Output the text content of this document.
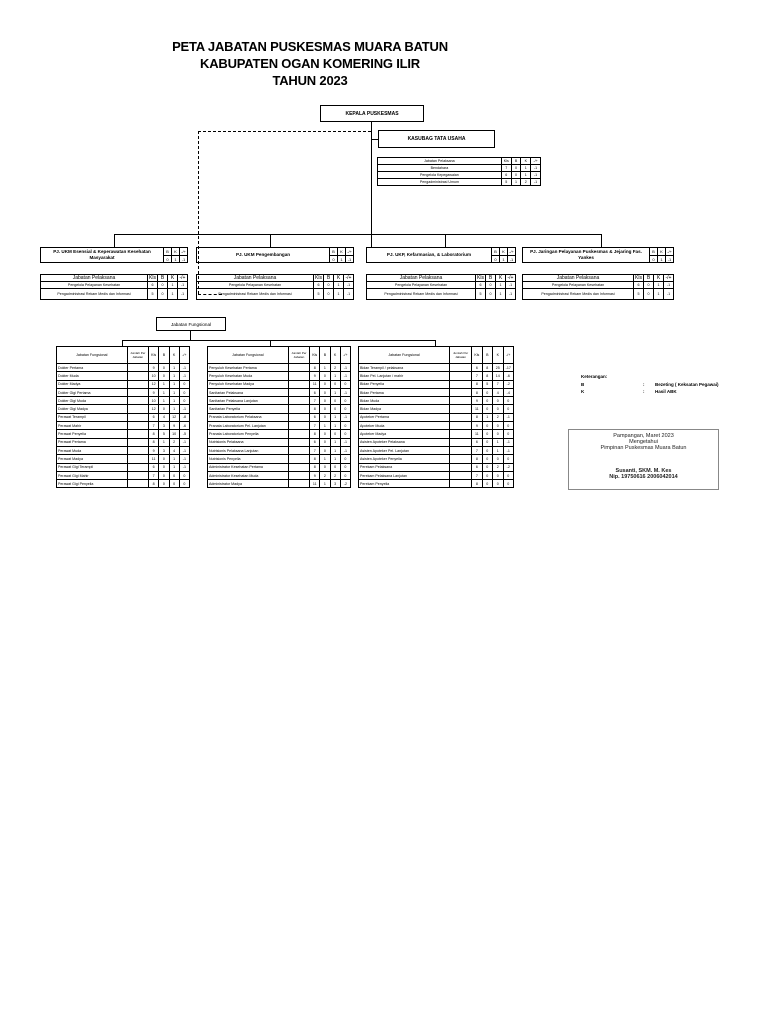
PETA JABATAN PUSKESMAS MUARA BATUN
KABUPATEN OGAN KOMERING ILIR
TAHUN 2023
KEPALA PUSKESMAS
KASUBAG TATA USAHA
Jabatan Pelaksana	Kls	B	K	-/+
Bendahara	7	0	1	-1
Pengelola Kepegawaian	6	0	1	-1
Pengadministrasi Umum	5	1	2	-1
PJ. UKM Esensial & Keperawatan Kesehatan Masyarakat
B	K	-/+
0	1	-1
Jabatan Pelaksana	Kls	B	K	-/+
Pengelola Pelayanan Kesehatan	6	0	1	-1
Pengadministrasi Rekam Medis dan Informasi	5	0	1	-1
PJ. UKM Pengembangan
B	K	-/+
0	1	-1
Jabatan Pelaksana	Kls	B	K	-/+
Pengelola Pelayanan Kesehatan	6	0	1	-1
Pengadministrasi Rekam Medis dan Informasi	5	0	1	-1
PJ. UKP, Kefarmasian, & Laboratorium
B	K	-/+
0	1	-1
Jabatan Pelaksana	Kls	B	K	-/+
Pengelola Pelayanan Kesehatan	6	0	1	-1
Pengadministrasi Rekam Medis dan Informasi	5	0	1	-1
PJ. Jaringan Pelayanan Puskesmas & Jejaring Fas. Yankes
B	K	-/+
0	1	-1
Jabatan Pelaksana	Kls	B	K	-/+
Pengelola Pelayanan Kesehatan	6	0	1	-1
Pengadministrasi Rekam Medis dan Informasi	5	0	1	-1
Jabatan Fungsional
Jabatan Fungsional	Jumlah Per Jabatan	Kls	B	K	-/+
Dokter Pertama		9	0	1	-1
Dokter Muda		10	0	1	-1
Dokter Madya		12	1	1	0
Dokter Gigi Pertama		9	1	1	0
Dokter Gigi Muda		10	1	1	0
Dokter Gigi Madya		12	0	1	-1
Perawat Terampil		6	4	12	-8
Perawat Mahir		7	3	9	-6
Perawat Penyelia		8	5	10	-5
Perawat Pertama		8	1	2	-1
Perawat Muda		9	3	4	-1
Perawat Madya		11	0	1	-1
Perawat Gigi Terampil		6	0	1	-1
Perawat Gigi Mahir		7	0	0	0
Perawat Gigi Penyelia		8	0	0	0
Jabatan Fungsional	Jumlah Per Jabatan	Kls	B	K	-/+
Penyuluh Kesehatan Pertama		8	1	2	-1
Penyuluh Kesehatan Muda		9	0	1	-1
Penyuluh Kesehatan Madya		11	0	0	0
Sanitarian Pelaksana		6	0	1	-1
Sanitarian Pelaksana Lanjutan		7	0	0	0
Sanitarian Penyelia		8	0	0	0
Pranata Laboratorium Pelaksana		6	0	1	-1
Pranata Laboratorium Pel. Lanjutan		7	1	1	0
Pranata Laboratorium Penyelia		8	0	0	0
Nutrisionis Pelaksana		6	0	1	-1
Nutrisionis Pelaksana Lanjutan		7	0	1	-1
Nutrisionis Penyelia		8	1	1	0
Administrator Kesehatan Pertama		8	0	0	0
Administrator Kesehatan Muda		9	2	2	0
Administrator Madya		11	1	3	-2
Jabatan Fungsional	Jumlah Per Jabatan	Kls	B	K	-/+
Bidan Terampil / pelaksana		6	8	25	-17
Bidan Pel. Lanjutan / mahir		7	8	14	-6
Bidan Penyelia		8	5	7	-2
Bidan Pertama		8	0	4	-4
Bidan Muda		9	0	0	0
Bidan Madya		11	0	0	0
Apoteker Pertama		8	1	2	-1
Apoteker Muda		9	0	0	0
Apoteker Madya		11	0	0	0
Asisten Apoteker Pelaksana		6	0	1	-1
Asisten Apoteker Pel. Lanjutan		7	0	1	-1
Asisten Apoteker Penyelia		8	0	0	0
Perekam Pelaksana		6	0	2	-2
Perekam Pelaksana Lanjutan		7	0	0	0
Perekam Penyelia		8	0	0	0
Keterangan:
B	:	Bezeting ( Keksatan Pegawai)
K	:	Hasil ABK
Pampangan, Maret 2023
Mengetahui
Pimpinan Puskesmas Muara Batun
Susanti, SKM. M. Kes
Nip. 19750616 2006042014
